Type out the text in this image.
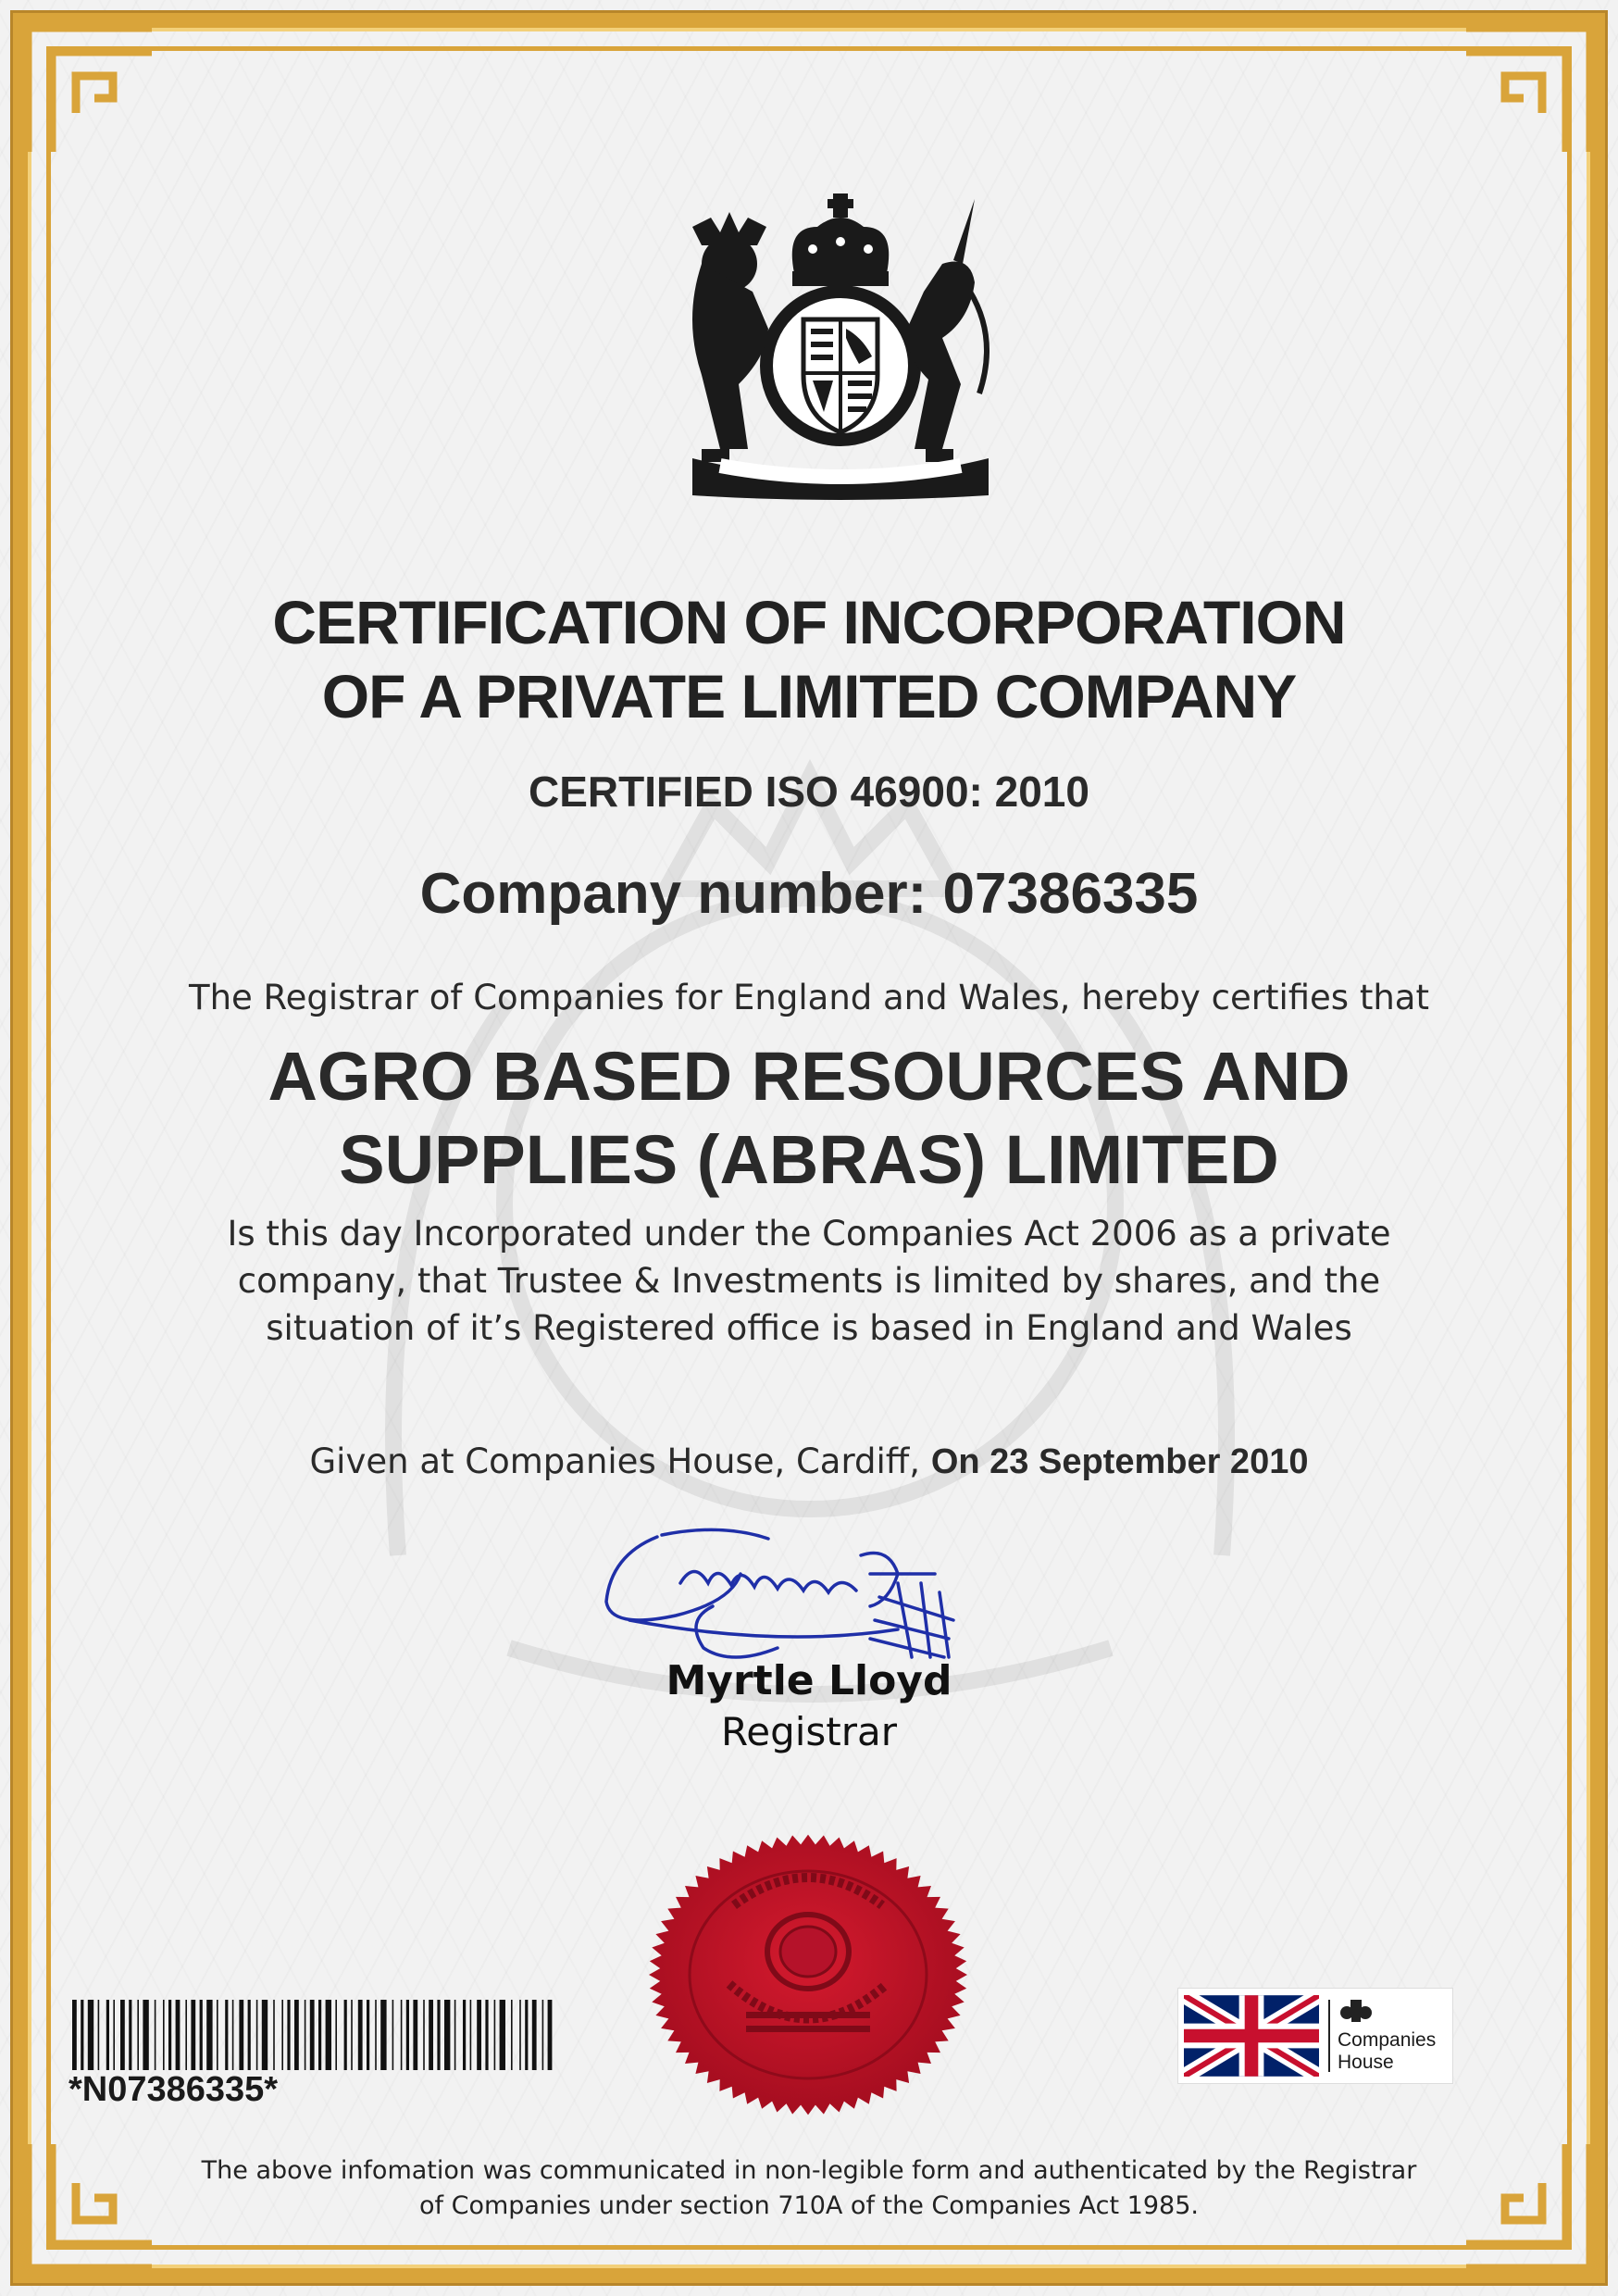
CERTIFICATION OF INCORPORATION
OF A PRIVATE LIMITED COMPANY
CERTIFIED ISO 46900: 2010
Company number: 07386335
The Registrar of Companies for England and Wales, hereby certifies that
AGRO BASED RESOURCES AND
SUPPLIES (ABRAS) LIMITED
Is this day Incorporated under the Companies Act 2006 as a private
company, that Trustee & Investments is limited by shares, and the
situation of it’s Registered office is based in England and Wales
Given at Companies House, Cardiff, On 23 September 2010
Myrtle Lloyd
Registrar
*N07386335*
Companies
House
The above infomation was communicated in non-legible form and authenticated by the Registrar
of Companies under section 710A of the Companies Act 1985.
